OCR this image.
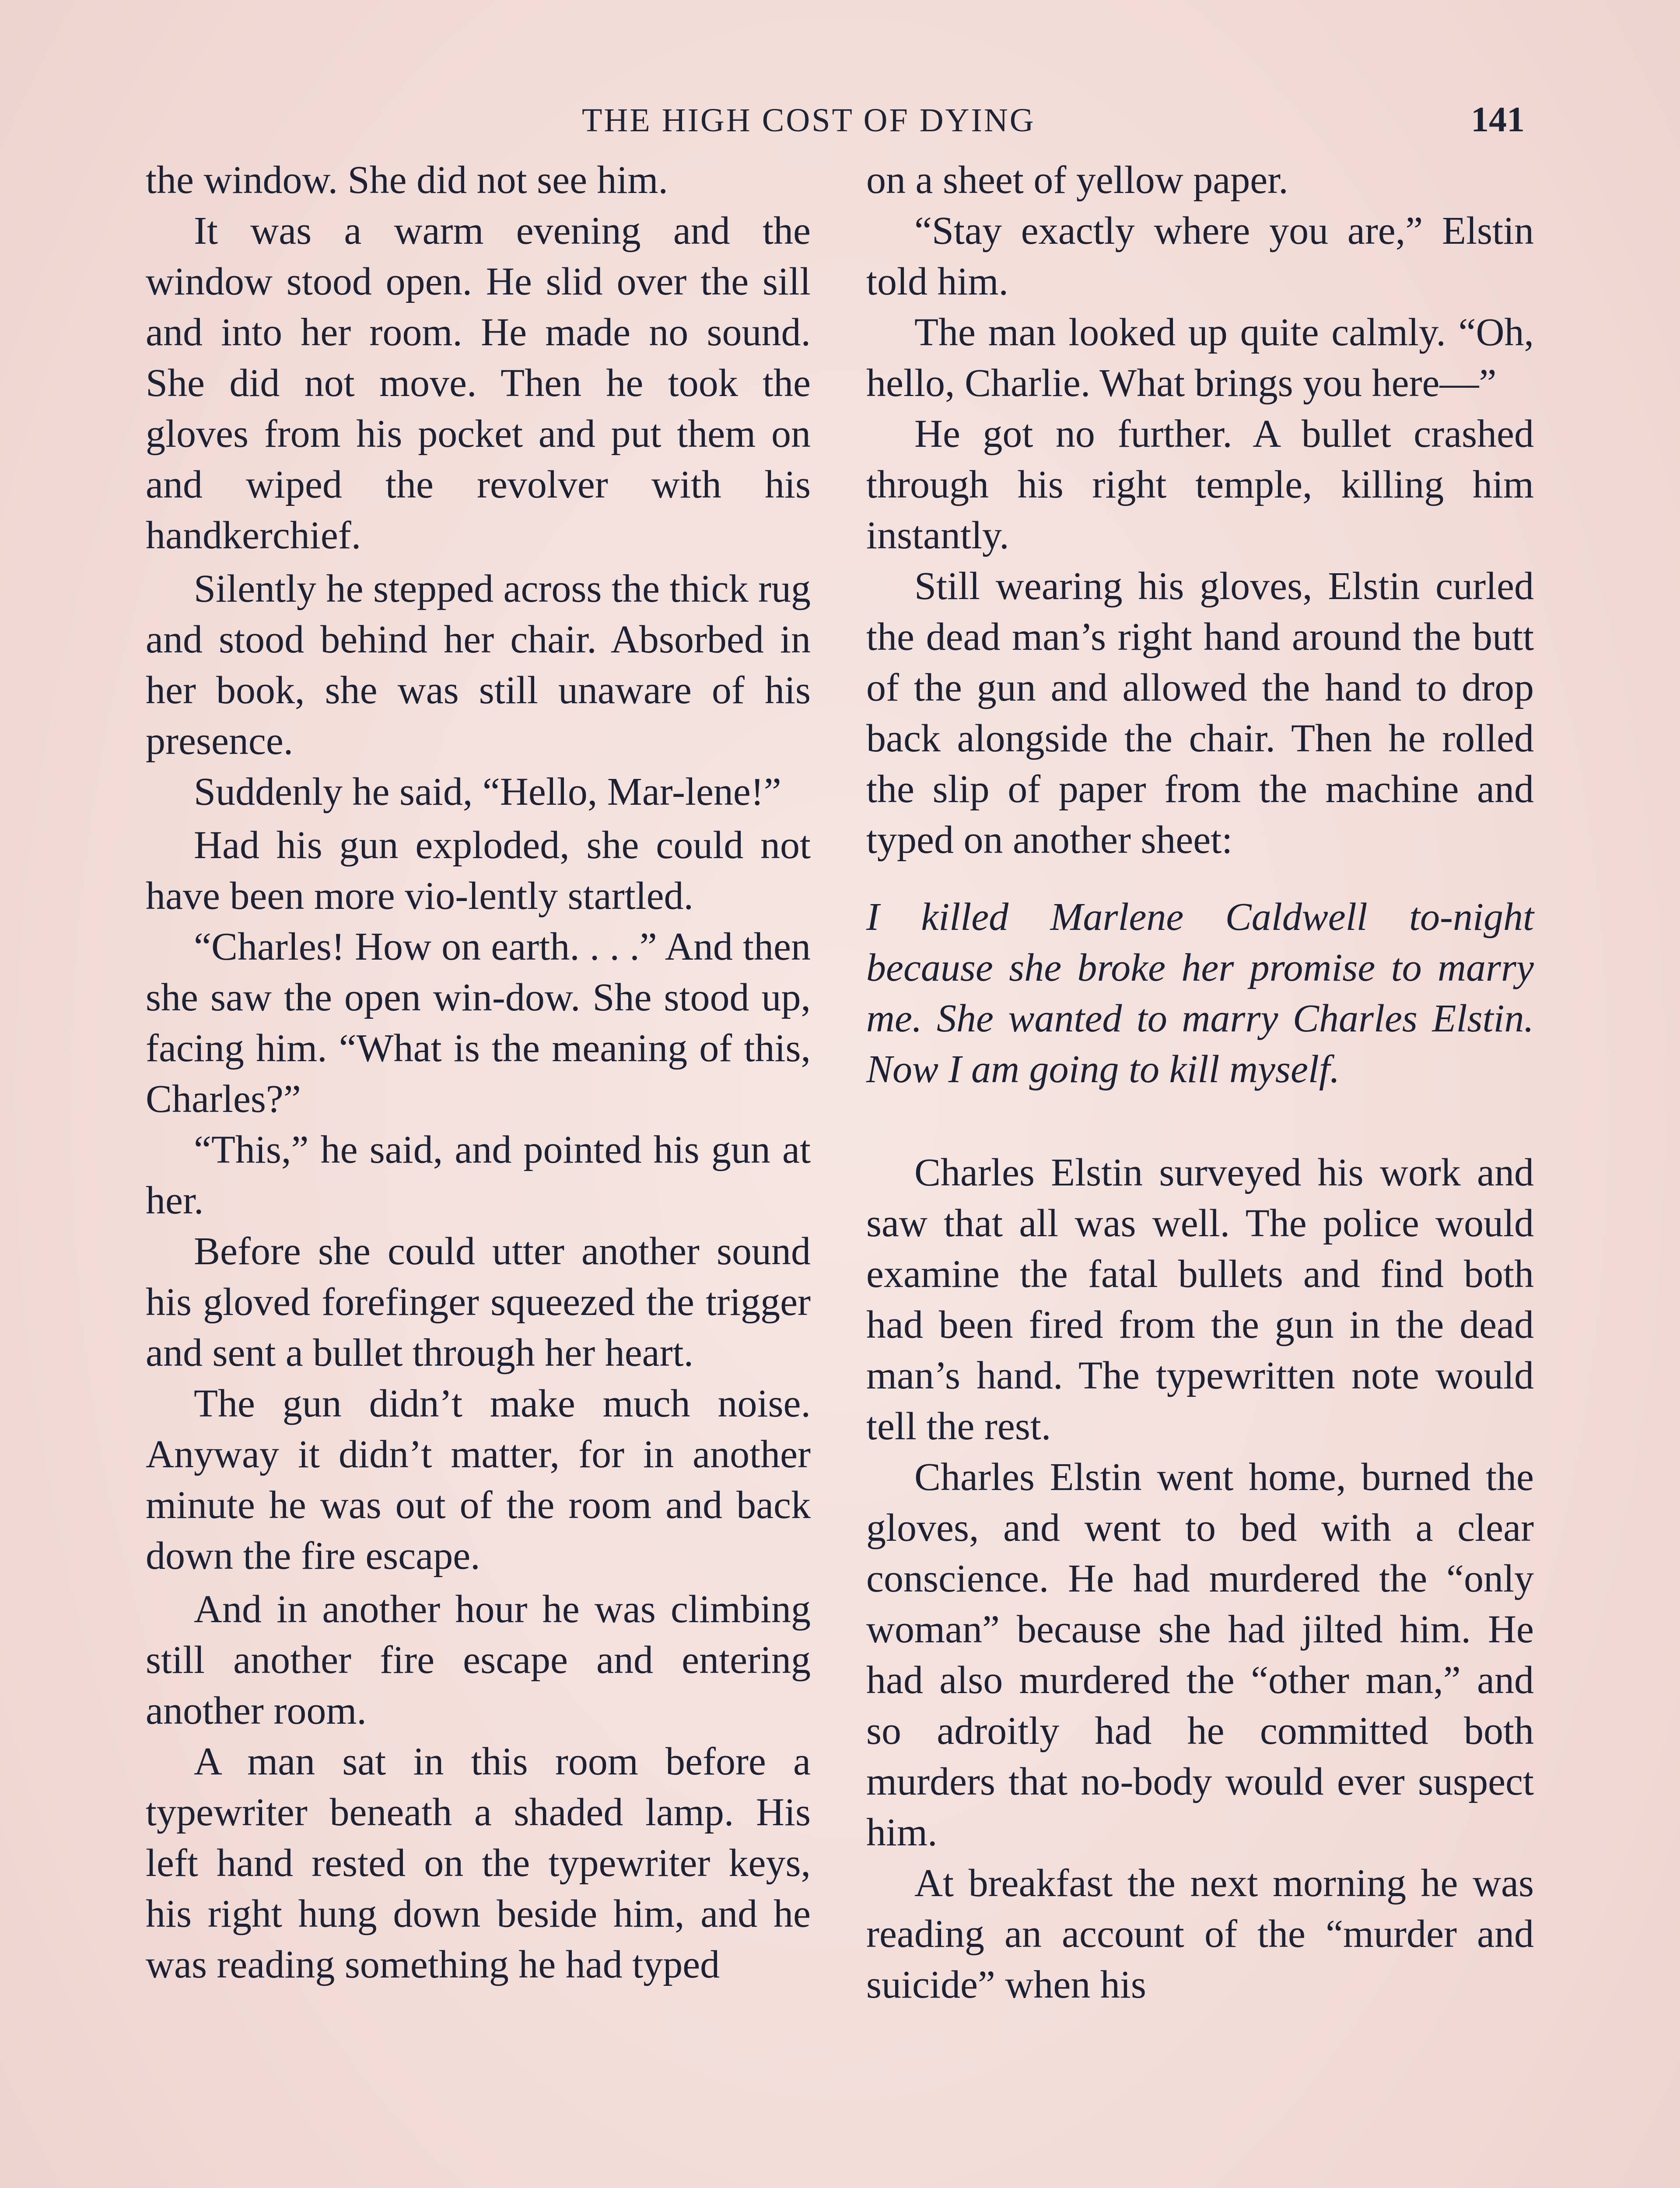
THE HIGH COST OF DYING	141

the window. She did not see him.

It was a warm evening and the window stood open. He slid over the sill and into her room. He made no sound. She did not move. Then he took the gloves from his pocket and put them on and wiped the revolver with his handkerchief.

Silently he stepped across the thick rug and stood behind her chair. Absorbed in her book, she was still unaware of his presence.

Suddenly he said, “Hello, Mar-lene!”

Had his gun exploded, she could not have been more vio-lently startled.

“Charles! How on earth. . . .” And then she saw the open win-dow. She stood up, facing him. “What is the meaning of this, Charles?”

“This,” he said, and pointed his gun at her.

Before she could utter another sound his gloved forefinger squeezed the trigger and sent a bullet through her heart.

The gun didn’t make much noise. Anyway it didn’t matter, for in another minute he was out of the room and back down the fire escape.

And in another hour he was climbing still another fire escape and entering another room.

A man sat in this room before a typewriter beneath a shaded lamp. His left hand rested on the typewriter keys, his right hung down beside him, and he was reading something he had typed

on a sheet of yellow paper.

“Stay exactly where you are,” Elstin told him.

The man looked up quite calmly. “Oh, hello, Charlie. What brings you here—”

He got no further. A bullet crashed through his right temple, killing him instantly.

Still wearing his gloves, Elstin curled the dead man’s right hand around the butt of the gun and allowed the hand to drop back alongside the chair. Then he rolled the slip of paper from the machine and typed on another sheet:

I killed Marlene Caldwell to-night because she broke her promise to marry me. She wanted to marry Charles Elstin. Now I am going to kill myself.

Charles Elstin surveyed his work and saw that all was well. The police would examine the fatal bullets and find both had been fired from the gun in the dead man’s hand. The typewritten note would tell the rest.

Charles Elstin went home, burned the gloves, and went to bed with a clear conscience. He had murdered the “only woman” because she had jilted him. He had also murdered the “other man,” and so adroitly had he committed both murders that no-body would ever suspect him.

At breakfast the next morning he was reading an account of the “murder and suicide” when his
